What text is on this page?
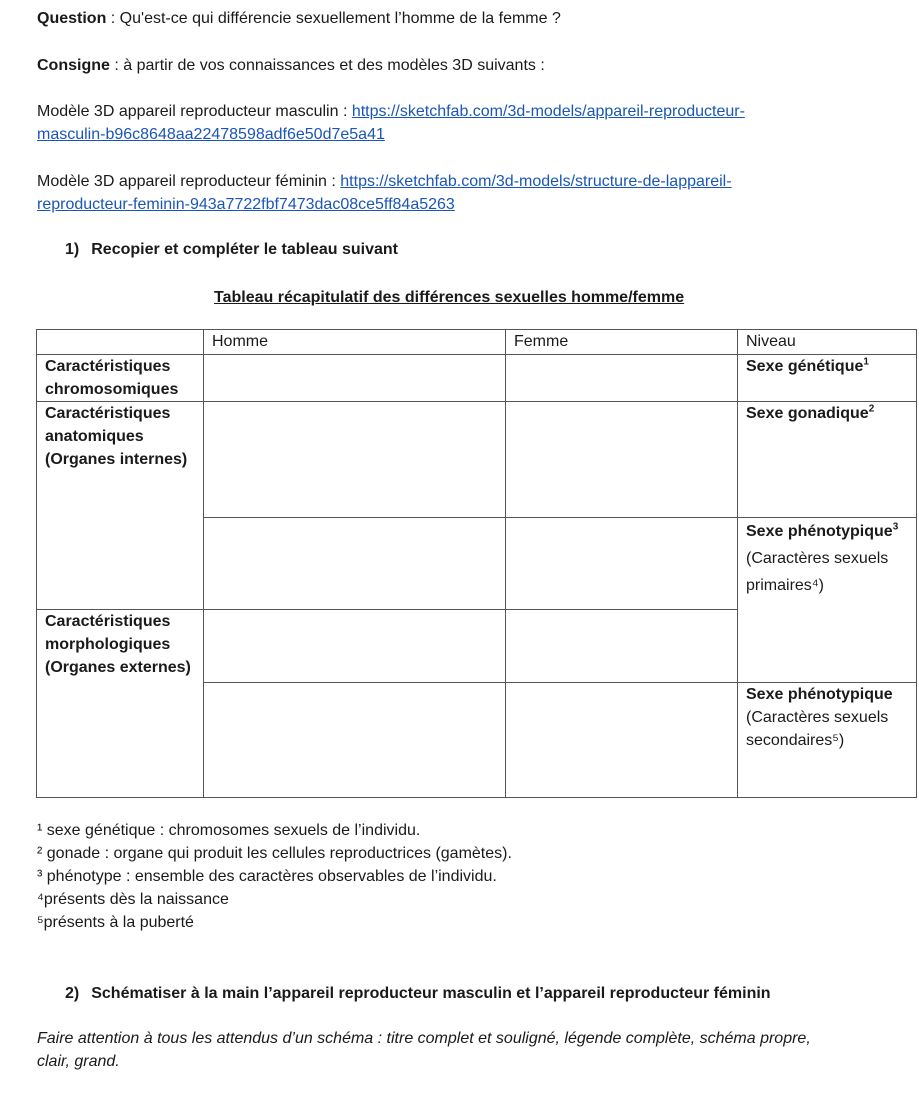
Question : Qu'est-ce qui différencie sexuellement l’homme de la femme ?

Consigne : à partir de vos connaissances et des modèles 3D suivants :

Modèle 3D appareil reproducteur masculin : https://sketchfab.com/3d-models/appareil-reproducteur-

masculin-b96c8648aa22478598adf6e50d7e5a41

Modèle 3D appareil reproducteur féminin : https://sketchfab.com/3d-models/structure-de-lappareil-

reproducteur-feminin-943a7722fbf7473dac08ce5ff84a5263

1) Recopier et compléter le tableau suivant

Tableau récapitulatif des différences sexuelles homme/femme

	Homme	Femme	Niveau
Caractéristiques
chromosomiques			Sexe génétique$^1$
Caractéristiques
anatomiques
(Organes internes)			Sexe gonadique$^2$
			Sexe phénotypique$^3$
(Caractères sexuels
primaires⁴)
Caractéristiques
morphologiques
(Organes externes)			
			Sexe phénotypique
(Caractères sexuels
secondaires⁵)

¹ sexe génétique : chromosomes sexuels de l’individu.

² gonade : organe qui produit les cellules reproductrices (gamètes).

³ phénotype : ensemble des caractères observables de l’individu.

⁴présents dès la naissance

⁵présents à la puberté

2) Schématiser à la main l’appareil reproducteur masculin et l’appareil reproducteur féminin

Faire attention à tous les attendus d’un schéma : titre complet et souligné, légende complète, schéma propre,

clair, grand.
